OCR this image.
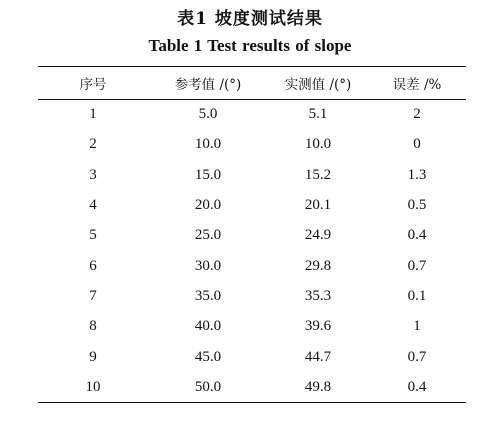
表1 坡度测试结果
Table 1 Test results of slope
序号	参考值 /(°)	实测值 /(°)	误差 /%
1	5.0	5.1	2
2	10.0	10.0	0
3	15.0	15.2	1.3
4	20.0	20.1	0.5
5	25.0	24.9	0.4
6	30.0	29.8	0.7
7	35.0	35.3	0.1
8	40.0	39.6	1
9	45.0	44.7	0.7
10	50.0	49.8	0.4
